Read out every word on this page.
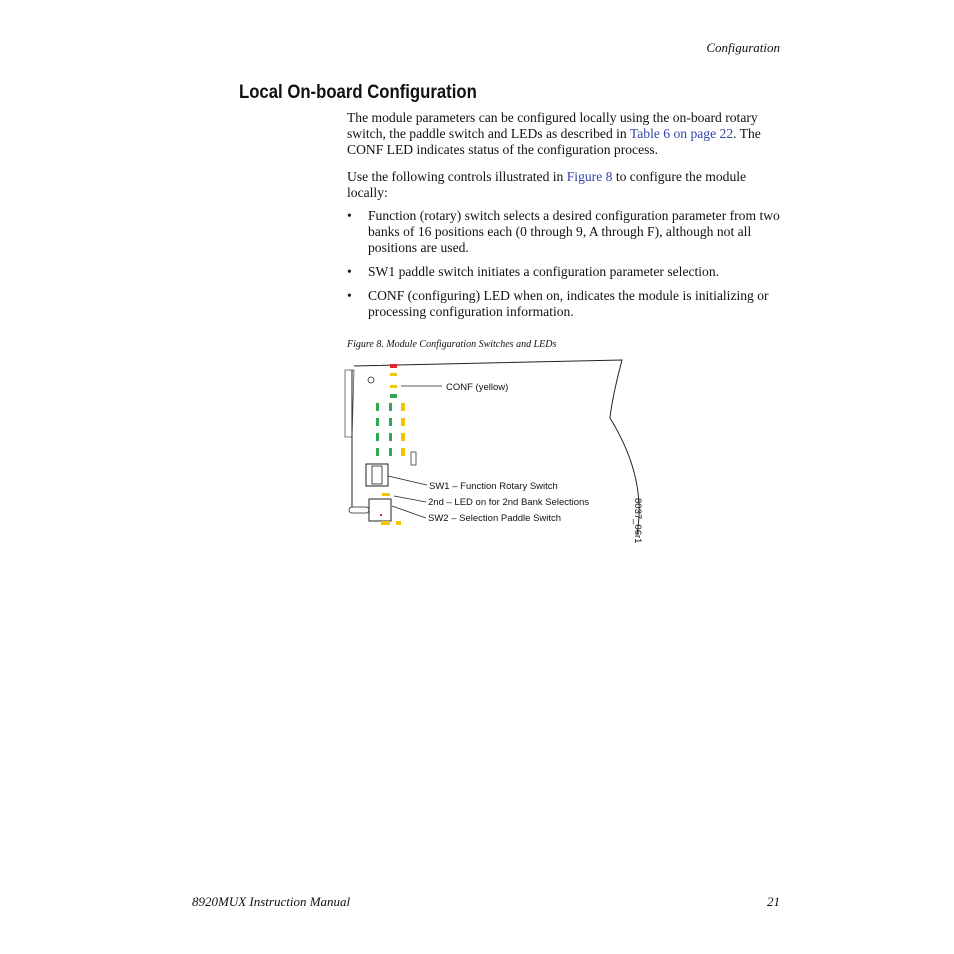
Configuration
Local On-board Configuration

The module parameters can be configured locally using the on-board rotary switch, the paddle switch and LEDs as described in Table 6 on page 22. The CONF LED indicates status of the configuration process.

Use the following controls illustrated in Figure 8 to configure the module locally:

• Function (rotary) switch selects a desired configuration parameter from two banks of 16 positions each (0 through 9, A through F), although not all positions are used.
• SW1 paddle switch initiates a configuration parameter selection.
• CONF (configuring) LED when on, indicates the module is initializing or processing configuration information.
Figure 8. Module Configuration Switches and LEDs
CONF (yellow)
SW1 – Function Rotary Switch
2nd – LED on for 2nd Bank Selections
SW2 – Selection Paddle Switch	8037_06r1
8920MUX Instruction Manual	21
